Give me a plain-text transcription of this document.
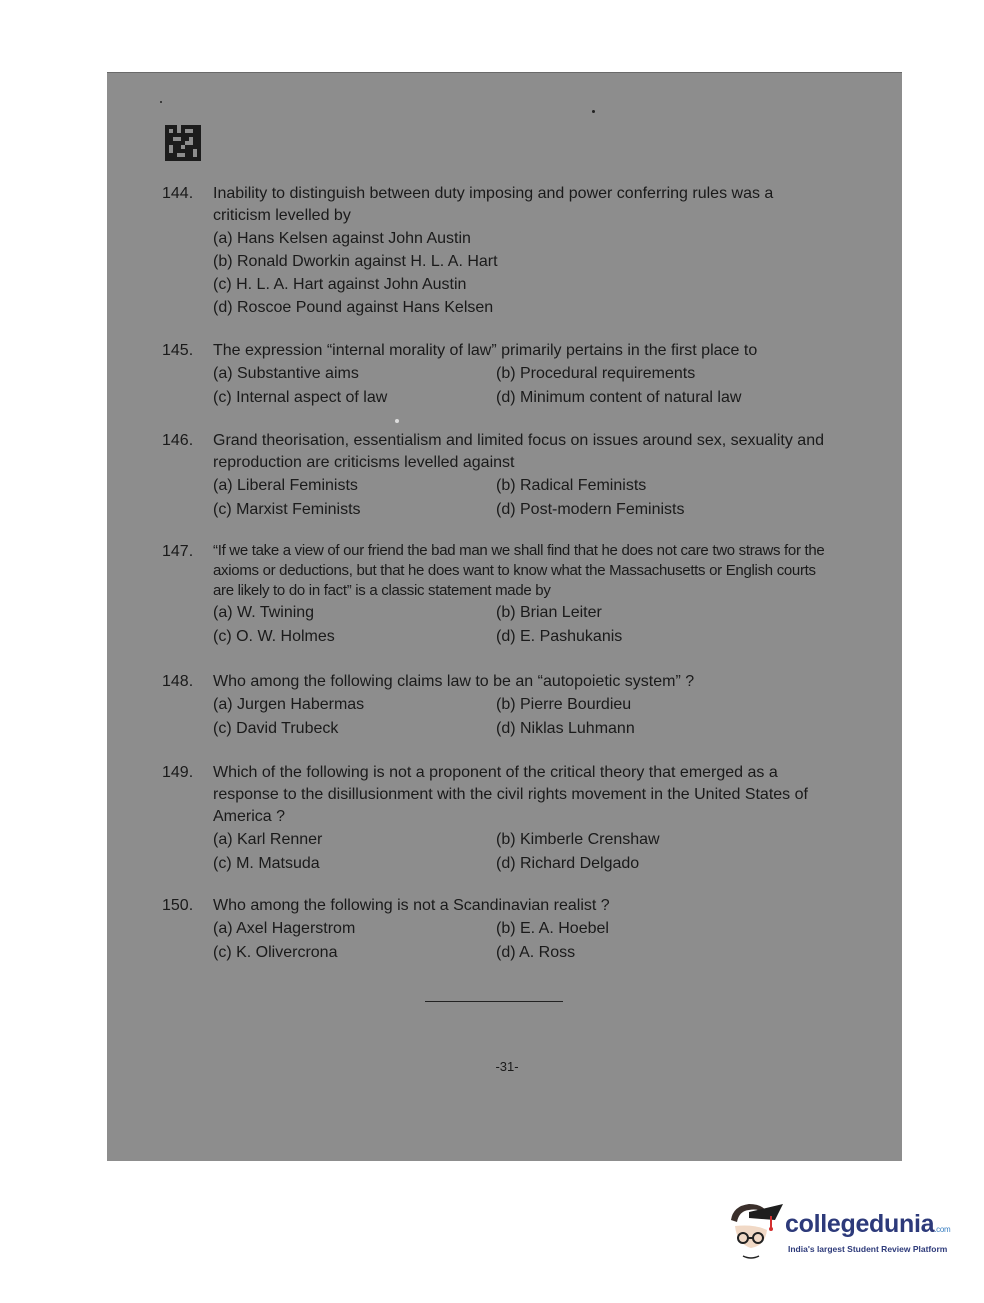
144.	Inability to distinguish between duty imposing and power conferring rules was a criticism levelled by
(a) Hans Kelsen against John Austin
(b) Ronald Dworkin against H. L. A. Hart
(c) H. L. A. Hart against John Austin
(d) Roscoe Pound against Hans Kelsen
145.	The expression “internal morality of law” primarily pertains in the first place to
(a) Substantive aims	(b) Procedural requirements
(c) Internal aspect of law	(d) Minimum content of natural law
146.	Grand theorisation, essentialism and limited focus on issues around sex, sexuality and reproduction are criticisms levelled against
(a) Liberal Feminists	(b) Radical Feminists
(c) Marxist Feminists	(d) Post-modern Feminists
147.	“If we take a view of our friend the bad man we shall find that he does not care two straws for the axioms or deductions, but that he does want to know what the Massachusetts or English courts are likely to do in fact” is a classic statement made by
(a) W. Twining	(b) Brian Leiter
(c) O. W. Holmes	(d) E. Pashukanis
148.	Who among the following claims law to be an “autopoietic system” ?
(a) Jurgen Habermas	(b) Pierre Bourdieu
(c) David Trubeck	(d) Niklas Luhmann
149.	Which of the following is not a proponent of the critical theory that emerged as a response to the disillusionment with the civil rights movement in the United States of America ?
(a) Karl Renner	(b) Kimberle Crenshaw
(c) M. Matsuda	(d) Richard Delgado
150.	Who among the following is not a Scandinavian realist ?
(a) Axel Hagerstrom	(b) E. A. Hoebel
(c) K. Olivercrona	(d) A. Ross
-31-
collegedunia.com
India's largest Student Review Platform
